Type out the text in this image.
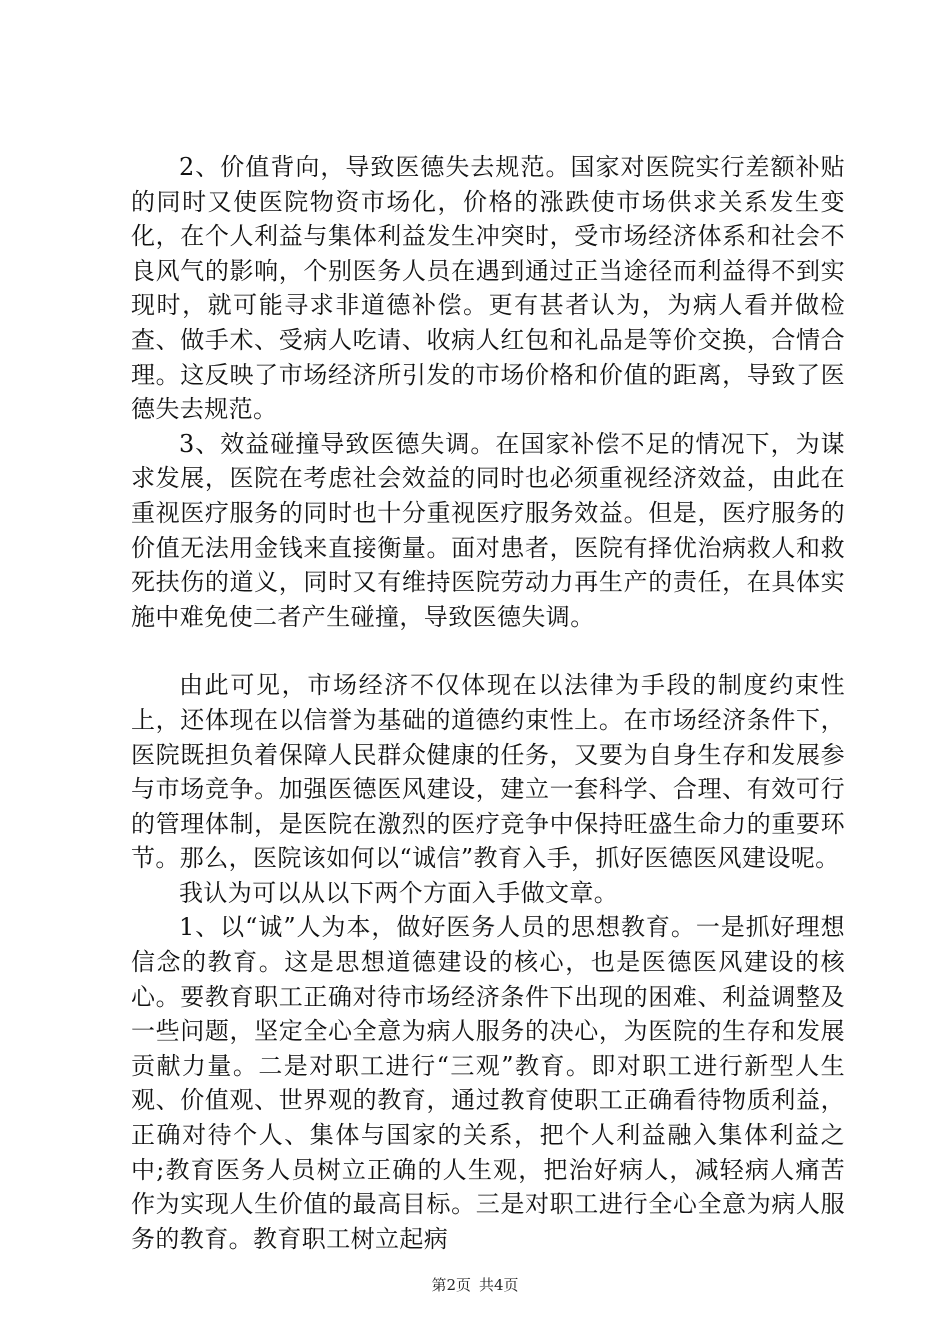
2、价值背向，导致医德失去规范。国家对医院实行差额补贴的同时又使医院物资市场化，价格的涨跌使市场供求关系发生变化，在个人利益与集体利益发生冲突时，受市场经济体系和社会不良风气的影响，个别医务人员在遇到通过正当途径而利益得不到实现时，就可能寻求非道德补偿。更有甚者认为，为病人看并做检查、做手术、受病人吃请、收病人红包和礼品是等价交换，合情合理。这反映了市场经济所引发的市场价格和价值的距离，导致了医德失去规范。

3、效益碰撞导致医德失调。在国家补偿不足的情况下，为谋求发展，医院在考虑社会效益的同时也必须重视经济效益，由此在重视医疗服务的同时也十分重视医疗服务效益。但是，医疗服务的价值无法用金钱来直接衡量。面对患者，医院有择优治病救人和救死扶伤的道义，同时又有维持医院劳动力再生产的责任，在具体实施中难免使二者产生碰撞，导致医德失调。

由此可见，市场经济不仅体现在以法律为手段的制度约束性上，还体现在以信誉为基础的道德约束性上。在市场经济条件下，医院既担负着保障人民群众健康的任务，又要为自身生存和发展参与市场竞争。加强医德医风建设，建立一套科学、合理、有效可行的管理体制，是医院在激烈的医疗竞争中保持旺盛生命力的重要环节。那么，医院该如何以“诚信”教育入手，抓好医德医风建设呢。

我认为可以从以下两个方面入手做文章。

1、以“诚”人为本，做好医务人员的思想教育。一是抓好理想信念的教育。这是思想道德建设的核心，也是医德医风建设的核心。要教育职工正确对待市场经济条件下出现的困难、利益调整及一些问题，坚定全心全意为病人服务的决心，为医院的生存和发展贡献力量。二是对职工进行“三观”教育。即对职工进行新型人生观、价值观、世界观的教育，通过教育使职工正确看待物质利益，正确对待个人、集体与国家的关系，把个人利益融入集体利益之中;教育医务人员树立正确的人生观，把治好病人，减轻病人痛苦作为实现人生价值的最高目标。三是对职工进行全心全意为病人服务的教育。教育职工树立起病

第2页 共4页
